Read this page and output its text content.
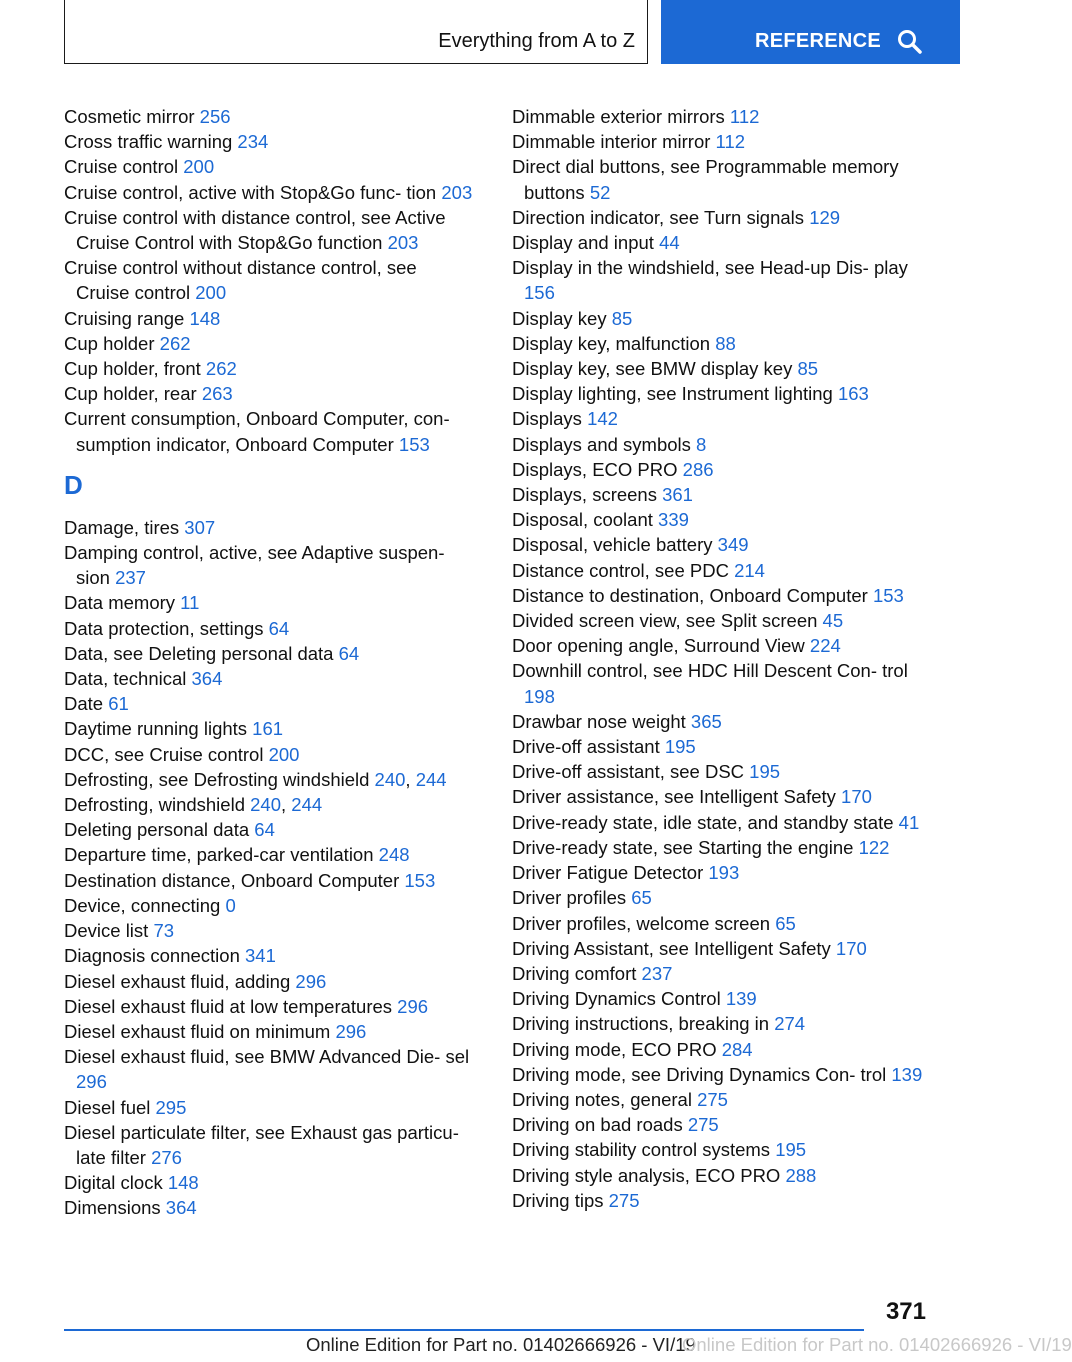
Everything from A to Z	REFERENCE
Cosmetic mirror 256
Cross traffic warning 234
Cruise control 200
Cruise control, active with Stop&Go func‐ tion 203
Cruise control with distance control, see Active Cruise Control with Stop&Go function 203
Cruise control without distance control, see Cruise control 200
Cruising range 148
Cup holder 262
Cup holder, front 262
Cup holder, rear 263
Current consumption, Onboard Computer, con‐ sumption indicator, Onboard Computer 153
D
Damage, tires 307
Damping control, active, see Adaptive suspen‐ sion 237
Data memory 11
Data protection, settings 64
Data, see Deleting personal data 64
Data, technical 364
Date 61
Daytime running lights 161
DCC, see Cruise control 200
Defrosting, see Defrosting windshield 240, 244
Defrosting, windshield 240, 244
Deleting personal data 64
Departure time, parked-car ventilation 248
Destination distance, Onboard Computer 153
Device, connecting 0
Device list 73
Diagnosis connection 341
Diesel exhaust fluid, adding 296
Diesel exhaust fluid at low temperatures 296
Diesel exhaust fluid on minimum 296
Diesel exhaust fluid, see BMW Advanced Die‐ sel 296
Diesel fuel 295
Diesel particulate filter, see Exhaust gas particu‐ late filter 276
Digital clock 148
Dimensions 364
Dimmable exterior mirrors 112
Dimmable interior mirror 112
Direct dial buttons, see Programmable memory buttons 52
Direction indicator, see Turn signals 129
Display and input 44
Display in the windshield, see Head-up Dis‐ play 156
Display key 85
Display key, malfunction 88
Display key, see BMW display key 85
Display lighting, see Instrument lighting 163
Displays 142
Displays and symbols 8
Displays, ECO PRO 286
Displays, screens 361
Disposal, coolant 339
Disposal, vehicle battery 349
Distance control, see PDC 214
Distance to destination, Onboard Computer 153
Divided screen view, see Split screen 45
Door opening angle, Surround View 224
Downhill control, see HDC Hill Descent Con‐ trol 198
Drawbar nose weight 365
Drive-off assistant 195
Drive-off assistant, see DSC 195
Driver assistance, see Intelligent Safety 170
Drive-ready state, idle state, and standby state 41
Drive-ready state, see Starting the engine 122
Driver Fatigue Detector 193
Driver profiles 65
Driver profiles, welcome screen 65
Driving Assistant, see Intelligent Safety 170
Driving comfort 237
Driving Dynamics Control 139
Driving instructions, breaking in 274
Driving mode, ECO PRO 284
Driving mode, see Driving Dynamics Con‐ trol 139
Driving notes, general 275
Driving on bad roads 275
Driving stability control systems 195
Driving style analysis, ECO PRO 288
Driving tips 275
371
Online Edition for Part no. 01402666926 - VI/19
Online Edition for Part no. 01402666926 - VI/19
